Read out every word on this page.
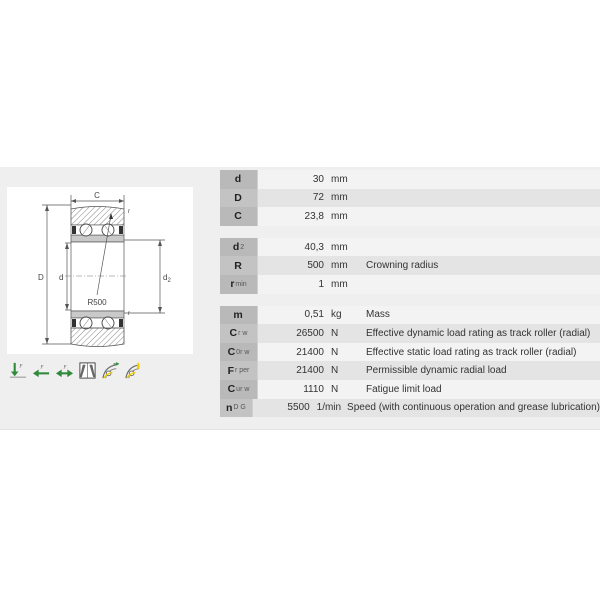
C
D d	$d_2$
R500
r
r
F	F	F
d	30 mm
D	72 mm
C	23,8 mm
d 2	40,3 mm
R	500 mm	Crowning radius
r min	1 mm
m	0,51 kg	Mass
C r w	26500 N	Effective dynamic load rating as track roller (radial)
C 0r w	21400 N	Effective static load rating as track roller (radial)
F r per	21400 N	Permissible dynamic radial load
C ur w	1110 N	Fatigue limit load
n D G	5500 1/min Speed (with continuous operation and grease lubrication)
